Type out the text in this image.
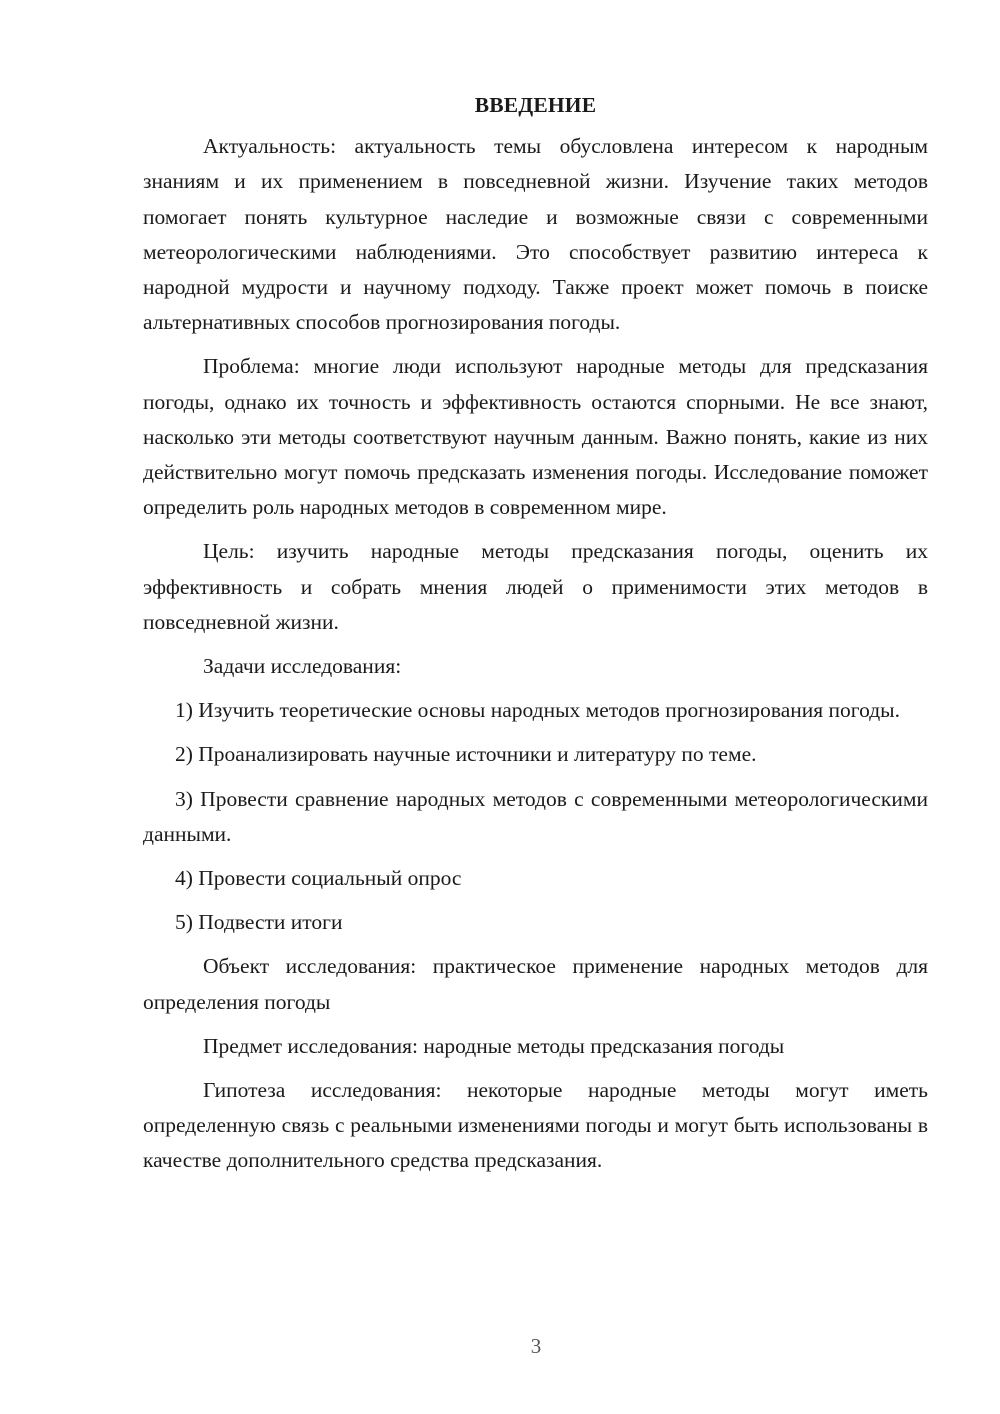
ВВЕДЕНИЕ

Актуальность: актуальность темы обусловлена интересом к народным знаниям и их применением в повседневной жизни. Изучение таких методов помогает понять культурное наследие и возможные связи с современными метеорологическими наблюдениями. Это способствует развитию интереса к народной мудрости и научному подходу. Также проект может помочь в поиске альтернативных способов прогнозирования погоды.

Проблема: многие люди используют народные методы для предсказания погоды, однако их точность и эффективность остаются спорными. Не все знают, насколько эти методы соответствуют научным данным. Важно понять, какие из них действительно могут помочь предсказать изменения погоды. Исследование поможет определить роль народных методов в современном мире.

Цель: изучить народные методы предсказания погоды, оценить их эффективность и собрать мнения людей о применимости этих методов в повседневной жизни.

Задачи исследования:

1) Изучить теоретические основы народных методов прогнозирования погоды.

2) Проанализировать научные источники и литературу по теме.

3) Провести сравнение народных методов с современными метеорологическими данными.

4) Провести социальный опрос

5) Подвести итоги

Объект исследования: практическое применение народных методов для определения погоды

Предмет исследования: народные методы предсказания погоды

Гипотеза исследования: некоторые народные методы могут иметь определенную связь с реальными изменениями погоды и могут быть использованы в качестве дополнительного средства предсказания.

3
